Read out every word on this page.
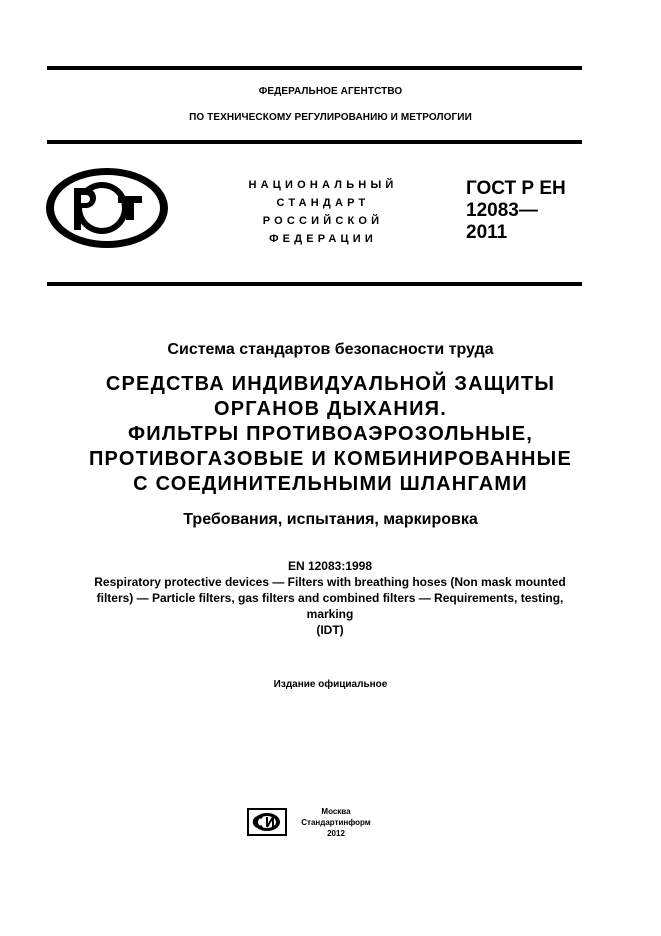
ФЕДЕРАЛЬНОЕ АГЕНТСТВО
ПО ТЕХНИЧЕСКОМУ РЕГУЛИРОВАНИЮ И МЕТРОЛОГИИ
НАЦИОНАЛЬНЫЙ
СТАНДАРТ
РОССИЙСКОЙ
ФЕДЕРАЦИИ
ГОСТ Р ЕН
12083—
2011
Система стандартов безопасности труда
СРЕДСТВА ИНДИВИДУАЛЬНОЙ ЗАЩИТЫ
ОРГАНОВ ДЫХАНИЯ.
ФИЛЬТРЫ ПРОТИВОАЭРОЗОЛЬНЫЕ,
ПРОТИВОГАЗОВЫЕ И КОМБИНИРОВАННЫЕ
С СОЕДИНИТЕЛЬНЫМИ ШЛАНГАМИ
Требования, испытания, маркировка
EN 12083:1998
Respiratory protective devices — Filters with breathing hoses (Non mask mounted
filters) — Particle filters, gas filters and combined filters — Requirements, testing,
marking
(IDT)
Издание официальное
Москва
Стандартинформ
2012
